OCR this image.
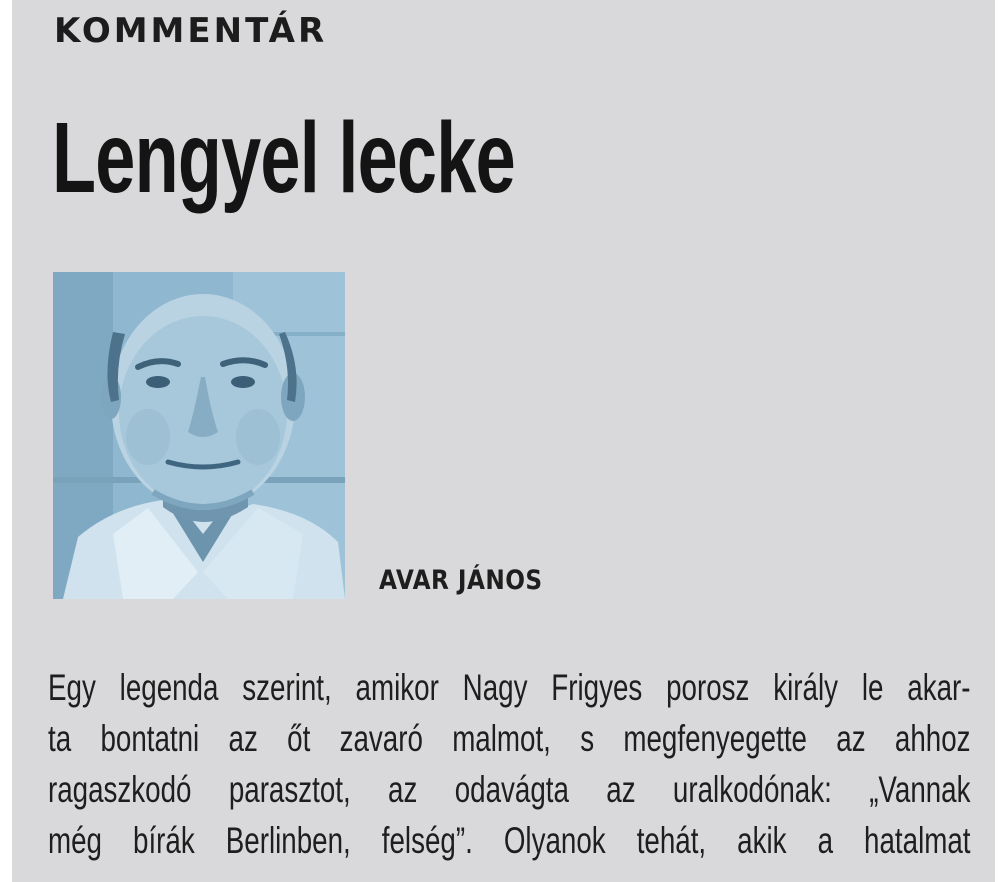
KOMMENTÁR
Lengyel lecke
AVAR JÁNOS
Egy legenda szerint, amikor Nagy Frigyes porosz király le akar-
ta bontatni az őt zavaró malmot, s megfenyegette az ahhoz
ragaszkodó parasztot, az odavágta az uralkodónak: „Vannak
még bírák Berlinben, felség”. Olyanok tehát, akik a hatalmat
